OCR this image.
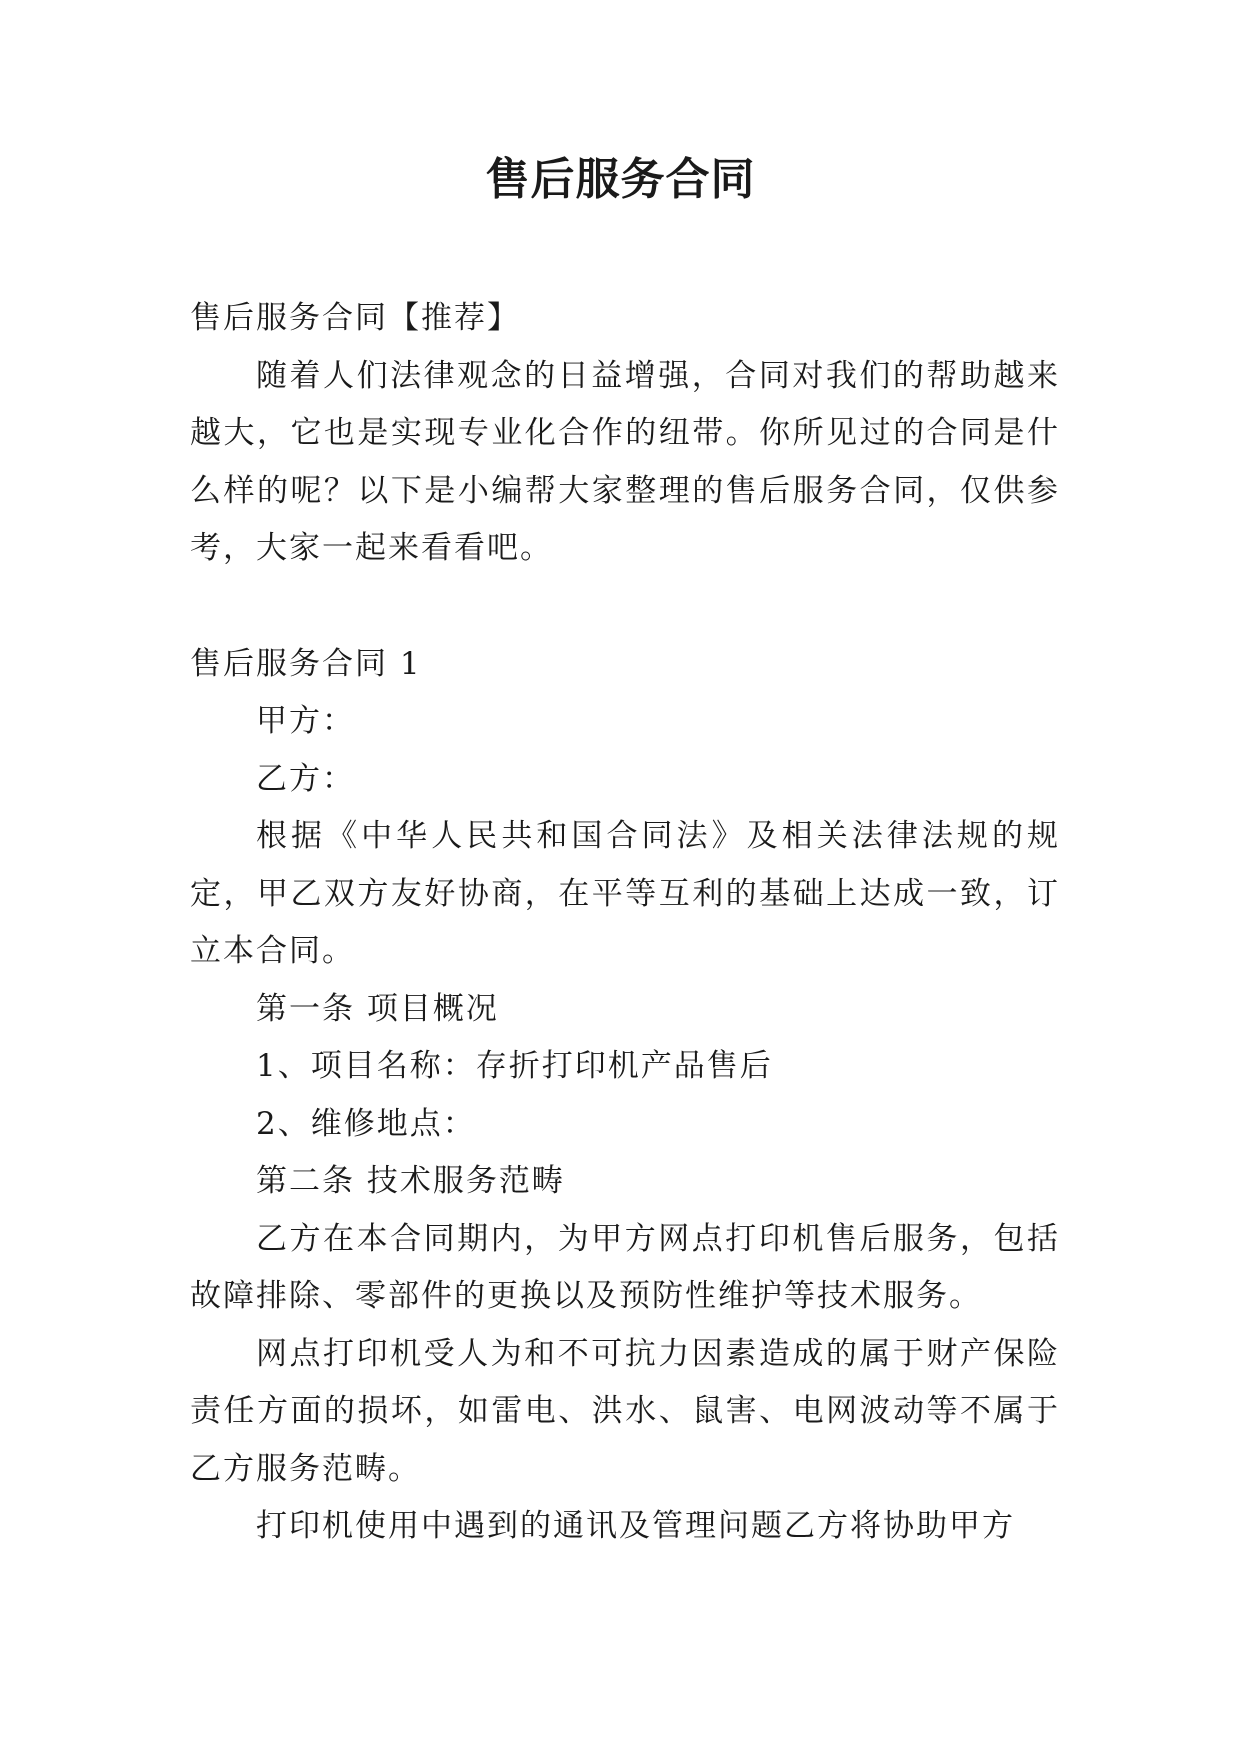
售后服务合同

售后服务合同【推荐】

随着人们法律观念的日益增强，合同对我们的帮助越来越大，它也是实现专业化合作的纽带。你所见过的合同是什么样的呢？以下是小编帮大家整理的售后服务合同，仅供参考，大家一起来看看吧。

售后服务合同 1

甲方：

乙方：

根据《中华人民共和国合同法》及相关法律法规的规定，甲乙双方友好协商，在平等互利的基础上达成一致，订立本合同。

第一条 项目概况

1、项目名称：存折打印机产品售后

2、维修地点：

第二条 技术服务范畴

乙方在本合同期内，为甲方网点打印机售后服务，包括故障排除、零部件的更换以及预防性维护等技术服务。

网点打印机受人为和不可抗力因素造成的属于财产保险责任方面的损坏，如雷电、洪水、鼠害、电网波动等不属于乙方服务范畴。

打印机使用中遇到的通讯及管理问题乙方将协助甲方
